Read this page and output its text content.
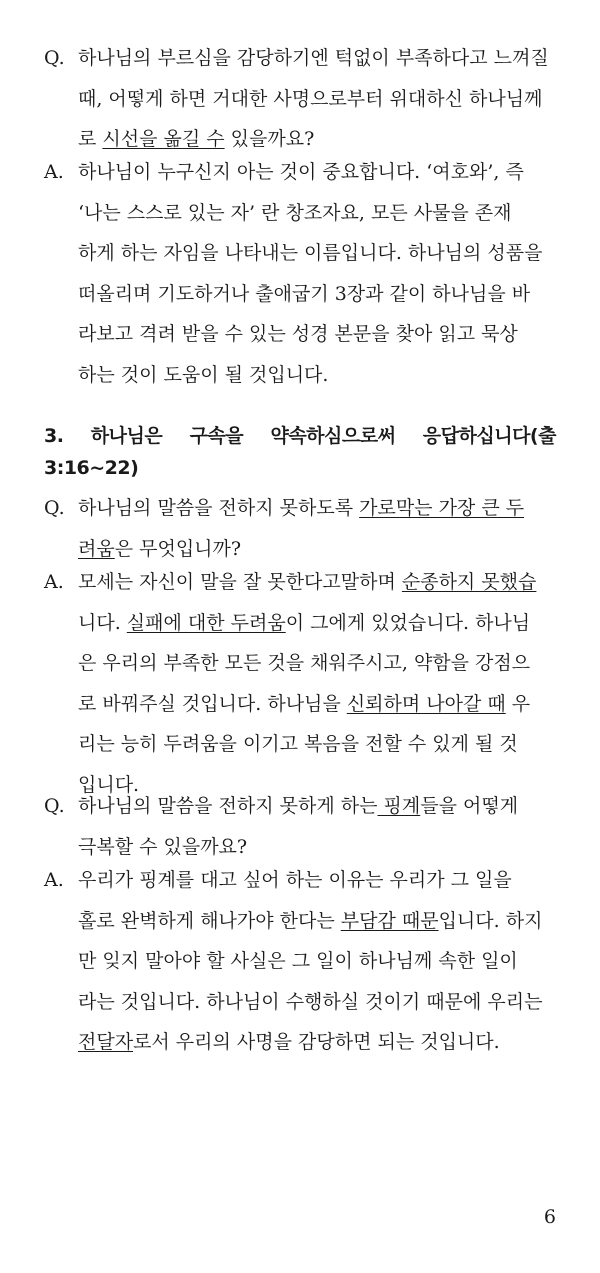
Q. 하나님의 부르심을 감당하기엔 턱없이 부족하다고 느껴질
때, 어떻게 하면 거대한 사명으로부터 위대하신 하나님께
로 시선을 옮길 수 있을까요?
A. 하나님이 누구신지 아는 것이 중요합니다. ‘여호와’, 즉
‘나는 스스로 있는 자’ 란 창조자요, 모든 사물을 존재
하게 하는 자임을 나타내는 이름입니다. 하나님의 성품을
떠올리며 기도하거나 출애굽기 3장과 같이 하나님을 바
라보고 격려 받을 수 있는 성경 본문을 찾아 읽고 묵상
하는 것이 도움이 될 것입니다.
3. 하나님은 구속을 약속하심으로써 응답하십니다(출
3:16~22)
Q. 하나님의 말씀을 전하지 못하도록 가로막는 가장 큰 두
려움은 무엇입니까?
A. 모세는 자신이 말을 잘 못한다고말하며 순종하지 못했습
니다. 실패에 대한 두려움이 그에게 있었습니다. 하나님
은 우리의 부족한 모든 것을 채워주시고, 약함을 강점으
로 바꿔주실 것입니다. 하나님을 신뢰하며 나아갈 때 우
리는 능히 두려움을 이기고 복음을 전할 수 있게 될 것
입니다.
Q. 하나님의 말씀을 전하지 못하게 하는 핑계들을 어떻게
극복할 수 있을까요?
A. 우리가 핑계를 대고 싶어 하는 이유는 우리가 그 일을
홀로 완벽하게 해나가야 한다는 부담감 때문입니다. 하지
만 잊지 말아야 할 사실은 그 일이 하나님께 속한 일이
라는 것입니다. 하나님이 수행하실 것이기 때문에 우리는
전달자로서 우리의 사명을 감당하면 되는 것입니다.
6
